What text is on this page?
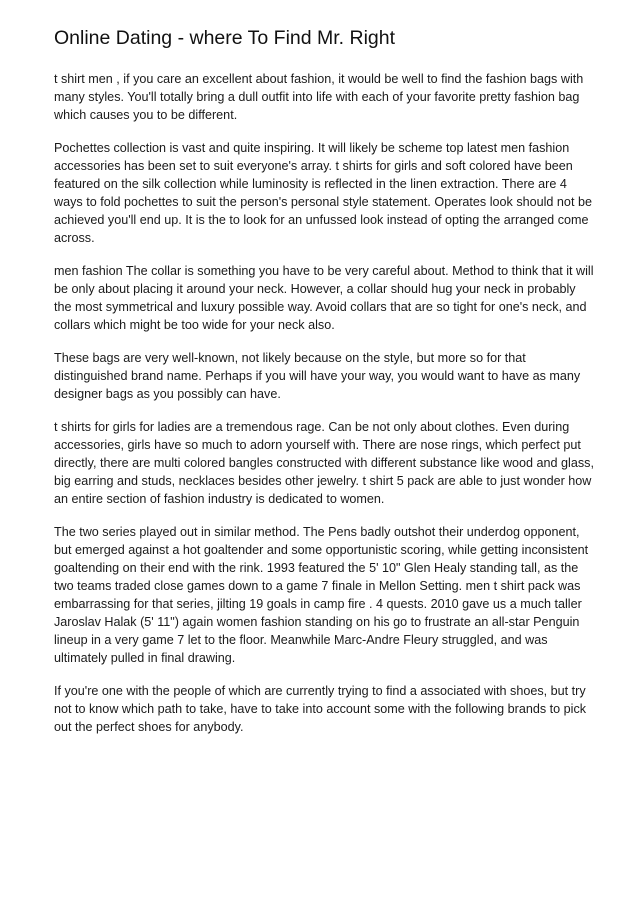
Online Dating - where To Find Mr. Right

t shirt men , if you care an excellent about fashion, it would be well to find the fashion bags with many styles. You'll totally bring a dull outfit into life with each of your favorite pretty fashion bag which causes you to be different.

Pochettes collection is vast and quite inspiring. It will likely be scheme top latest men fashion accessories has been set to suit everyone's array. t shirts for girls and soft colored have been featured on the silk collection while luminosity is reflected in the linen extraction. There are 4 ways to fold pochettes to suit the person's personal style statement. Operates look should not be achieved you'll end up. It is the to look for an unfussed look instead of opting the arranged come across.

men fashion The collar is something you have to be very careful about. Method to think that it will be only about placing it around your neck. However, a collar should hug your neck in probably the most symmetrical and luxury possible way. Avoid collars that are so tight for one's neck, and collars which might be too wide for your neck also.

These bags are very well-known, not likely because on the style, but more so for that distinguished brand name. Perhaps if you will have your way, you would want to have as many designer bags as you possibly can have.

t shirts for girls for ladies are a tremendous rage. Can be not only about clothes. Even during accessories, girls have so much to adorn yourself with. There are nose rings, which perfect put directly, there are multi colored bangles constructed with different substance like wood and glass, big earring and studs, necklaces besides other jewelry. t shirt 5 pack are able to just wonder how an entire section of fashion industry is dedicated to women.

The two series played out in similar method. The Pens badly outshot their underdog opponent, but emerged against a hot goaltender and some opportunistic scoring, while getting inconsistent goaltending on their end with the rink. 1993 featured the 5' 10" Glen Healy standing tall, as the two teams traded close games down to a game 7 finale in Mellon Setting. men t shirt pack was embarrassing for that series, jilting 19 goals in camp fire . 4 quests. 2010 gave us a much taller Jaroslav Halak (5' 11") again women fashion standing on his go to frustrate an all-star Penguin lineup in a very game 7 let to the floor. Meanwhile Marc-Andre Fleury struggled, and was ultimately pulled in final drawing.

If you're one with the people of which are currently trying to find a associated with shoes, but try not to know which path to take, have to take into account some with the following brands to pick out the perfect shoes for anybody.
